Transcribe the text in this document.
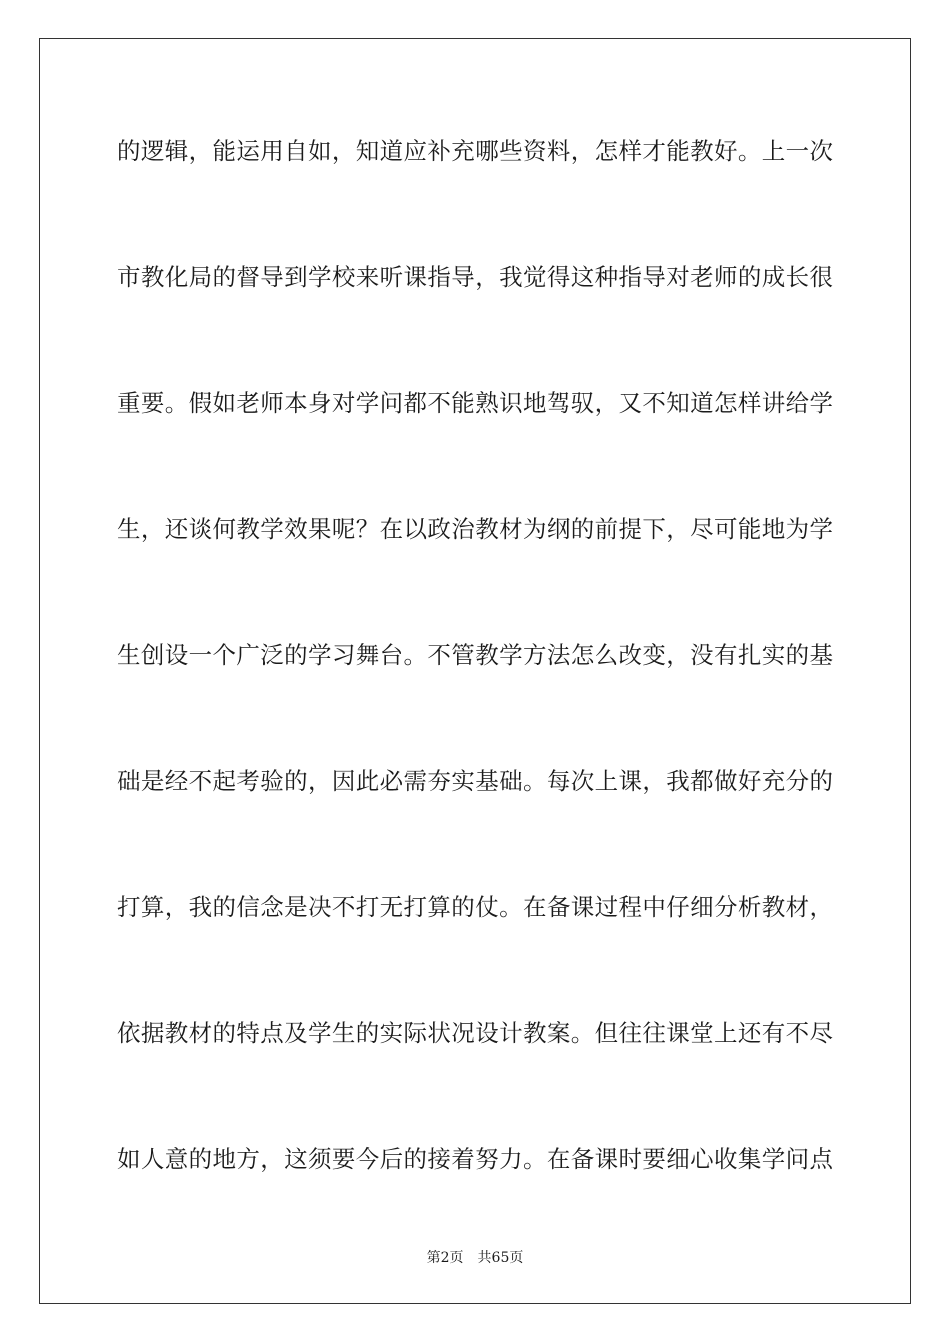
的逻辑，能运用自如，知道应补充哪些资料，怎样才能教好。上一次
市教化局的督导到学校来听课指导，我觉得这种指导对老师的成长很
重要。假如老师本身对学问都不能熟识地驾驭，又不知道怎样讲给学
生，还谈何教学效果呢？在以政治教材为纲的前提下，尽可能地为学
生创设一个广泛的学习舞台。不管教学方法怎么改变，没有扎实的基
础是经不起考验的，因此必需夯实基础。每次上课，我都做好充分的
打算，我的信念是决不打无打算的仗。在备课过程中仔细分析教材，
依据教材的特点及学生的实际状况设计教案。但往往课堂上还有不尽
如人意的地方，这须要今后的接着努力。在备课时要细心收集学问点
第2页 共65页
